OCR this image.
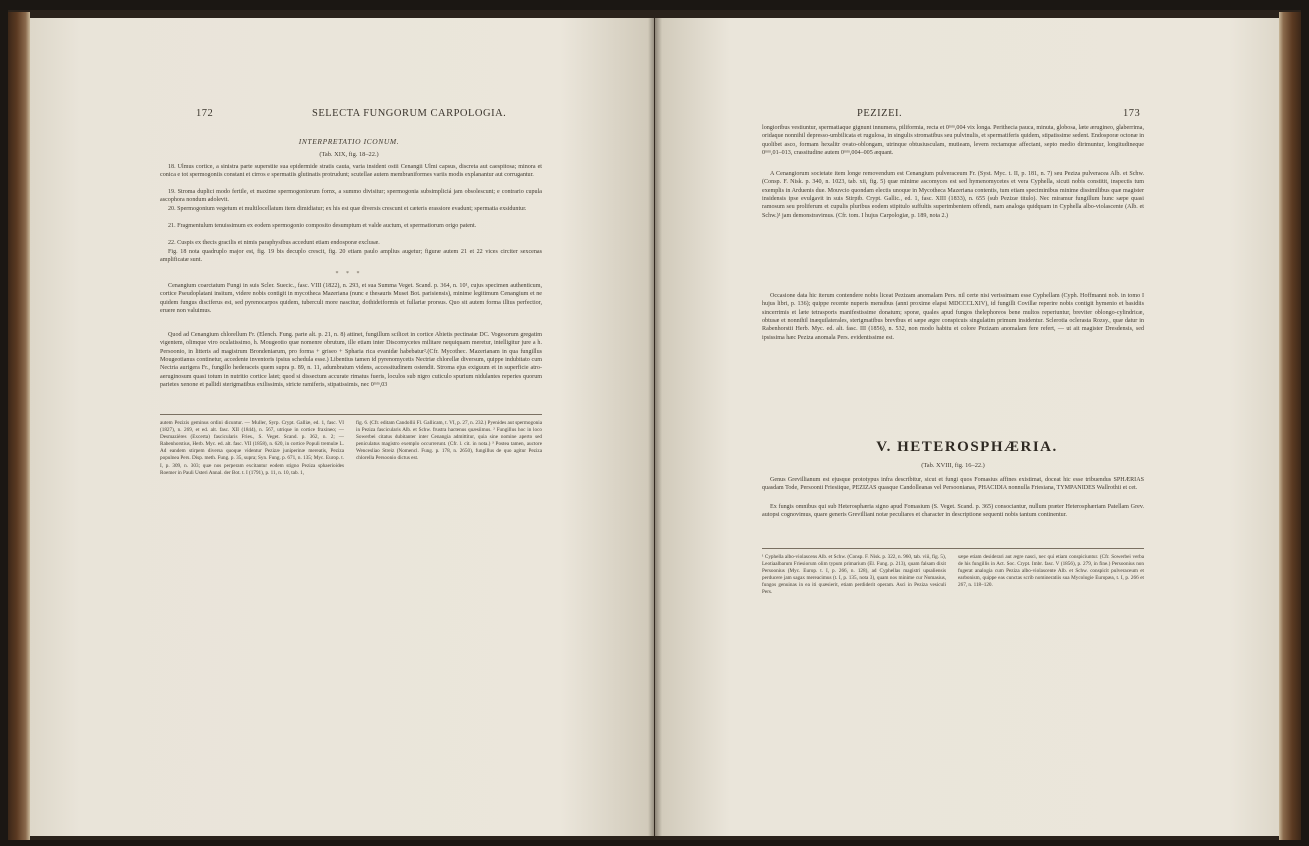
172	SELECTA FUNGORUM CARPOLOGIA.
INTERPRETATIO ICONUM.
(Tab. XIX, fig. 18–22.)
18. Ulmus cortice, a sinistra parte superstite sua epidermide stratis cauta, varia insident ostii Cenangii Ulmi capsus, discreta aut caespitosa; minora et conica e tot spermogoniis constant et cirros e spermatiis glutinatis protrudunt; scutellae autem membraniformes variis modis explanantur aut corrugantur.
19. Stroma duplici modo fertile, et maxime spermogoniorum fornx, a summo divisitur; spermogonia subsimpliciá jam obsolescunt; e contrario cupula ascophora nondum adolevit.
20. Spermogonium vegetum et multilocellatum item dimidiatur; ex his est quæ diversis crescunt et cæteris erassiore evadunt; spermatia exsiduntur.
21. Fragmentulum tenuissimum ex eodem spermogonio composito desumptum et valde auctum, et spermatiorum origo patent.
22. Cuspis ex thecis gracilis et nimis paraphysibus accedunt etiam endosporæ exclusæ.
Fig. 18 nota quadruplo major est, fig. 19 bis decuplo crescit, fig. 20 etiam paulo amplius augetur; figuræ autem 21 et 22 vices circiter sexcenas amplificatæ sunt.
* * *
Cenangium coarctatum Fungi in suis Scler. Suecic., fasc. VIII (1822), n. 293, et sua Summa Veget. Scand. p. 364, n. 10¹, cujus specimen authenticum, cortice Pseudoplatani insitum, videre nobis contigit in mycotheca Mazeriana (nunc e thesauris Musei Bot. parisiensis), minime legitimum Cenangium et ne quidem fungus disciferus est, sed pyrenocarpos quidem, tuberculi more nascitur, dothideiformis et fullariæ prorsus. Quo sit autem forma illius perfectior, eruere non valuimus.
Quod ad Cenangium chlorellum Fr. (Elench. Fung. parte alt. p. 21, n. 8) attinet, fungillum scilicet in cortice Abietis pectinatæ DC. Vogesorum gregatim vigentem, olimque viro oculatissimo, h. Mougeotio quæ nomenre obrutum, ille etiam inter Discomycetes militare nequiquam meretur, intelligitur jure a h. Persoonio, in litteris ad magistrum Brondeniarum, pro forma + griseo + Spharia rica evanidæ habebatur².(Cfr. Mycothec. Mazerianam in qua fungillus Mougeotianus continetur, accedente inventoris ipsius schedula esse.) Libentius tamen id pyrenomycetis Nectriæ chlorellæ diversum, quippe indubitato cum Nectria aurigera Fr., fungillo hederaceis quem supra p. 89, n. 11, adumbratum videns, accessitudinem ostendit. Stroma ejus exiguum et in superficie atro-aeruginosum quasi totum in nutritio cortice latet; quod si dissectum accurate rimatus fueris, loculos sub nigro cuticulo spurium nidulantes reperies quorum parietes xenone et pallidi sterigmatibus exilissimis, stricte ramiferis, stipatissimis, nec 0ᵐᵐ,03
autem Pezizis geminus ordini dicuntur. — Muller, Syrp. Crypt. Galliæ, ed. 1, fasc. VI (1827), n. 269, et ed. alt. fasc. XII (1844), n. 567, utrique in cortice fraxineo; — Desmazières (Excerta) fascicularis Fries., S. Veget. Scand. p. 362, n. 2; — Rabenhorstius, Herb. Myc. ed. alt. fasc. VII (1858), n. 620, in cortice Populi tremulæ L. Ad eandem stirpem diversa quoque videntur Pezizæ juniperinæ mereatis, Peziza populnea Pers. Disp. meth. Fung. p. 35, supra; Syn. Fung. p. 671, n. 135; Myc. Europ. t. I, p. 309, n. 303; quæ nos perperam excitantur eodem stigno Peziza sphaerioides Roemer in Pauli Usteri Annal. der Bot. t. I (1791), p. 11, n. 10, tab. 1,
fig. 6. (Cfr. editam Candollii Fl. Gallicam, t. VI, p. 27, n. 232.) Pyenides aut spermogonia in Peziza fascicularis Alb. et Schw. frustra hactenus quæsiimus. ² Fungillus hoc in loco Sowerbei citatus dubitanter inter Cenangia admittitur, quia sine nomine aperto sed peniculatus magistro exemplo occurrerunt. (Cfr. l. cit. in nota.) ³ Postea tamen, auctore Wencesliao Streiz (Nomencl. Fung. p. 178, n. 2650), fungillus de quo agitur Peziza chlorella Persoonio dictus est.
PEZIZEI.	173
longioribus vestiuntur, spermatiaque gignunt innumera, piliformia, recta et 0ᵐᵐ,004 vix longa. Perithecia pauca, minuta, globosa, læte ærugineo, glaberrima, oridaque nonnihil depresso-umbilicata et rugulosa, in singulis stromatibus seu pulvinulis, et spermatiferis quidem, stipatissime sedent. Endosporæ octonæ in quolibet asco, formam hexalitr ovato-oblongam, utrinque obtusiusculam, mutieam, levem rectamque affectant, septo medio dirimuntur, longitudineque 0ᵐᵐ,01–013, crassitudine autem 0ᵐᵐ,004–005 æquant.
A Cenangiorum societate item longe removendum est Cenangium pulveraceum Fr. (Syst. Myc. t. II, p. 181, n. 7) seu Peziza pulveracea Alb. et Schw. (Consp. F. Nisk. p. 340, n. 1023, tab. xii, fig. 5) quæ minime ascomyces est sed hymenomycetes et vera Cyphella, sicuti nobis constitit, inspectis tum exemplis in Arduenis due. Mouvcio quondam electis unoque in Mycotheca Mazeriana contentis, tum etiam speciminibus minime dissimilibus quæ magister insidensis ipse evulgavit in suis Stirpib. Crypt. Gallic., ed. 1, fasc. XIII (1833), n. 655 (sub Pezizæ titulo). Nec miramur fungillum hunc sæpe quasi ramosum seu proliferum et cupulis pluribus eodem stipitulo suffultis superimbentem offendi, nam analoga quidquam in Cyphella albo-violascente (Alb. et Schw.)¹ jam demonstravimus. (Cfr. tom. I hujus Carpologiæ, p. 189, nota 2.)
Occasione data hic iterum contendere nobis liceat Pezizam anomalam Pers. nil certe nisi verissimam esse Cyphellam (Cyph. Hoffmanni nob. in tomo I hujus libri, p. 136); quippe recente nuperis mensibus (anni proxime elapsi MDCCCLXIV), id fungilli Covillæ reperire nobis contigit hymenio et basidiis sincerrimis et læte tetrasporis manifestissime donatum; sporæ, quales apud fungos thelephoreos bene multos reperiuntur, breviter oblongo-cylindricæ, obtusæ et nonnihil inæquilaterales, sterigmatibus brevibus et sæpe ægre conspicuis singulatim primum insidentur. Sclerotia oclerasta Rozsy., quæ datur in Rabenhorstii Herb. Myc. ed. alt. fasc. III (1856), n. 532, non modo habitu et colore Pezizam anomalam fere refert, — ut ait magister Dresdensis, sed ipsissima hæc Peziza anomala Pers. evidentissime est.
V. HETEROSPHÆRIA.
(Tab. XVIII, fig. 16–22.)
Genus Grevillianum est ejusque prototypus infra describitur, sicut et fungi quos Fomasius affines existimat, doceat hic esse tribuendus SPHÆRIAS quasdam Tode, Persoonii Friesiique, PEZIZAS quasque Candolleanas vel Persoonianas, PHACIDIA nonnulla Friesiana, TYMPANIDES Wallrothii et cet.
Ex fungis omnibus qui sub Heterosphæria signo apud Fomasium (S. Veget. Scand. p. 365) consociantur, nullum præter Heterosphæriam Patellam Grev. autopsi cognovimus, quare generis Grevilliani notæ peculiares et character in descriptione sequenti nobis tantum continentur.
¹ Cyphella albo-violascens Alb. et Schw. (Consp. F. Nisk. p. 322, n. 960, tab. viii, fig. 5), Leotiaalbarum Friesiorum olim typum primarium (El. Fung. p. 213), quam falsam dixit Persoonius (Myc. Europ. t. I, p. 266, n. 128), ad Cyphellas magistri upsaliensis perducere jam sagax mereacimus (t. I, p. 135, nota 3), quam nos minime cur Nomasius, fungos genuinas in ea iti quæsierit, etiam perdiderit operam. Asci in Peziza vesiculi Pers.
sæpe etiam desiderari aut ægre nasci, nec qui etiam conspiciuntur. (Cfr. Sowerbei verba de his fungillis in Act. Soc. Crypt. Imbr. fasc. V (1856), p. 279, in fine.) Persoonius non fugerat analogia cum Peziza albo-violascente Alb. et Schw. conspicit pulveraceum et earbonism, quippe eas cunctas scrib nomineratiis sua Mycologie Europæa, t. I, p. 266 et 267, n. 118–120.
